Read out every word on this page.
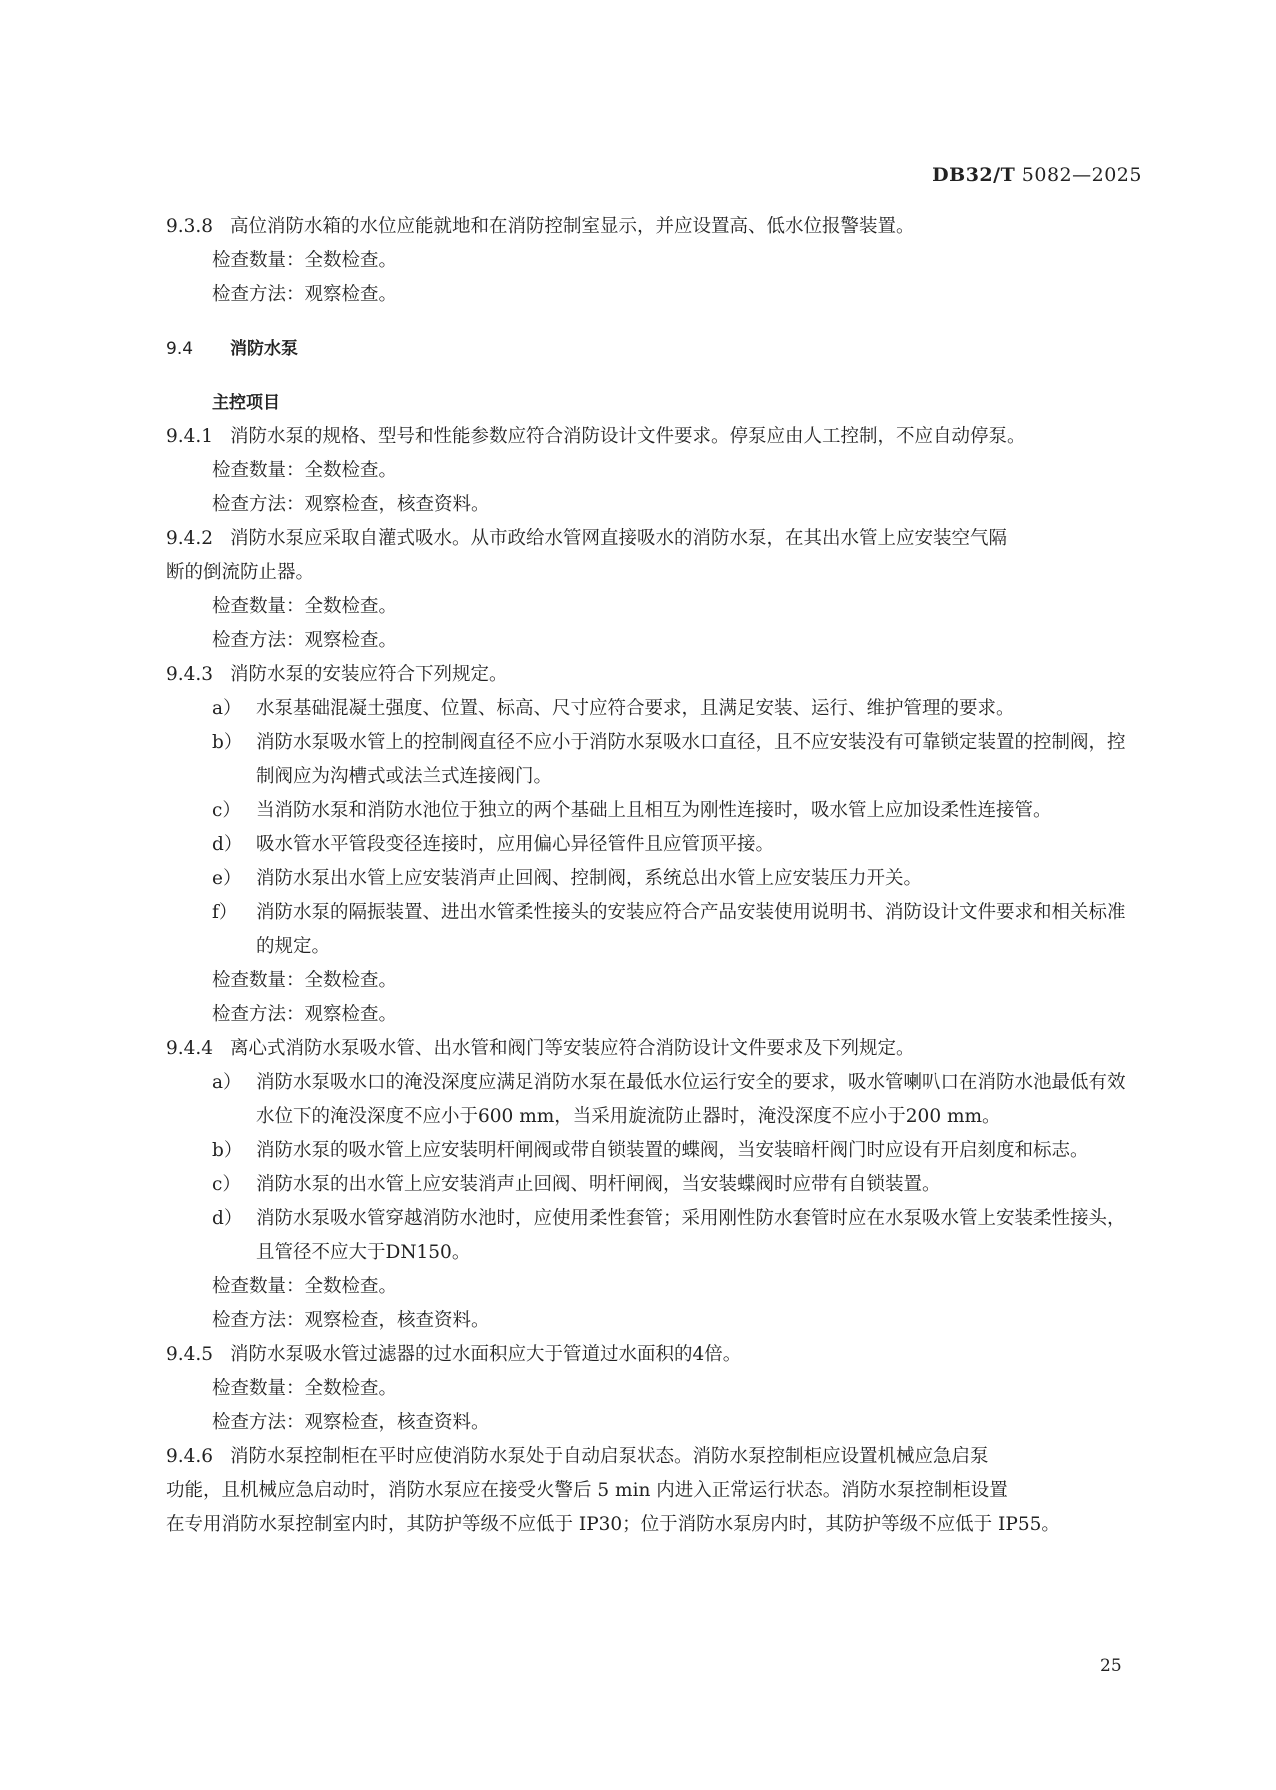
DB32/T 5082—2025
9.3.8 高位消防水箱的水位应能就地和在消防控制室显示，并应设置高、低水位报警装置。
检查数量：全数检查。
检查方法：观察检查。
9.4 消防水泵
主控项目
9.4.1 消防水泵的规格、型号和性能参数应符合消防设计文件要求。停泵应由人工控制，不应自动停泵。
检查数量：全数检查。
检查方法：观察检查，核查资料。
9.4.2 消防水泵应采取自灌式吸水。从市政给水管网直接吸水的消防水泵，在其出水管上应安装空气隔
断的倒流防止器。
检查数量：全数检查。
检查方法：观察检查。
9.4.3 消防水泵的安装应符合下列规定。
a） 水泵基础混凝土强度、位置、标高、尺寸应符合要求，且满足安装、运行、维护管理的要求。
b） 消防水泵吸水管上的控制阀直径不应小于消防水泵吸水口直径，且不应安装没有可靠锁定装置的控制阀，控制阀应为沟槽式或法兰式连接阀门。
c） 当消防水泵和消防水池位于独立的两个基础上且相互为刚性连接时，吸水管上应加设柔性连接管。
d） 吸水管水平管段变径连接时，应用偏心异径管件且应管顶平接。
e） 消防水泵出水管上应安装消声止回阀、控制阀，系统总出水管上应安装压力开关。
f）	消防水泵的隔振装置、进出水管柔性接头的安装应符合产品安装使用说明书、消防设计文件要求和相关标准的规定。
检查数量：全数检查。
检查方法：观察检查。
9.4.4 离心式消防水泵吸水管、出水管和阀门等安装应符合消防设计文件要求及下列规定。
a） 消防水泵吸水口的淹没深度应满足消防水泵在最低水位运行安全的要求，吸水管喇叭口在消防水池最低有效水位下的淹没深度不应小于600 mm，当采用旋流防止器时，淹没深度不应小于200 mm。
b） 消防水泵的吸水管上应安装明杆闸阀或带自锁装置的蝶阀，当安装暗杆阀门时应设有开启刻度和标志。
c） 消防水泵的出水管上应安装消声止回阀、明杆闸阀，当安装蝶阀时应带有自锁装置。
d） 消防水泵吸水管穿越消防水池时，应使用柔性套管；采用刚性防水套管时应在水泵吸水管上安装柔性接头，且管径不应大于DN150。
检查数量：全数检查。
检查方法：观察检查，核查资料。
9.4.5 消防水泵吸水管过滤器的过水面积应大于管道过水面积的4倍。
检查数量：全数检查。
检查方法：观察检查，核查资料。
9.4.6 消防水泵控制柜在平时应使消防水泵处于自动启泵状态。消防水泵控制柜应设置机械应急启泵
功能，且机械应急启动时，消防水泵应在接受火警后 5 min 内进入正常运行状态。消防水泵控制柜设置
在专用消防水泵控制室内时，其防护等级不应低于 IP30；位于消防水泵房内时，其防护等级不应低于 IP55。
25
